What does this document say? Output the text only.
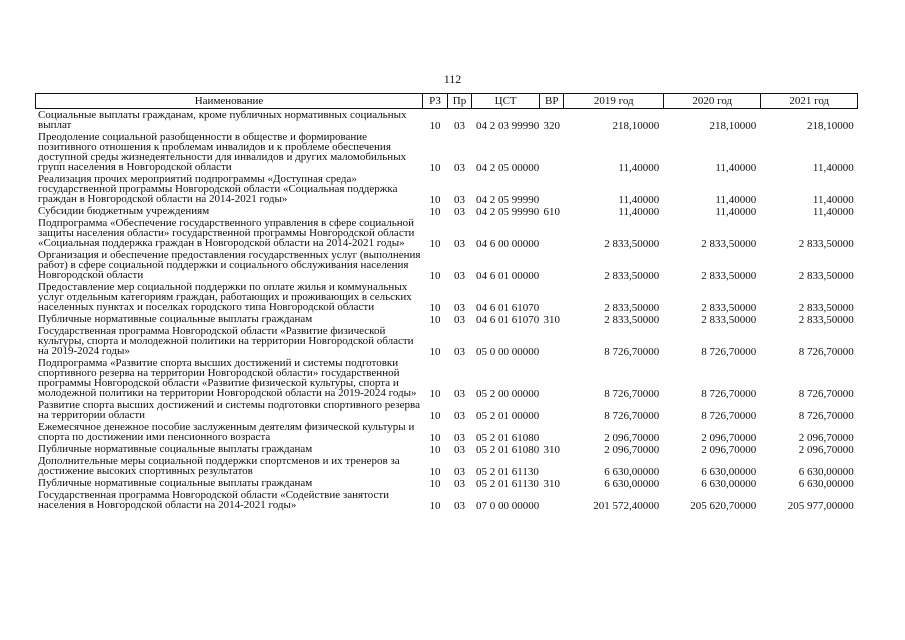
112
Наименование	РЗ	Пр	ЦСТ	ВР	2019 год	2020 год	2021 год
Социальные выплаты гражданам, кроме публичных нормативных социальных выплат	10	03	04 2 03 99990	320	218,10000	218,10000	218,10000
Преодоление социальной разобщенности в обществе и формирование позитивного отношения к проблемам инвалидов и к проблеме обеспечения доступной среды жизнедеятельности для инвалидов и других маломобильных групп населения в Новгородской области	10	03	04 2 05 00000		11,40000	11,40000	11,40000
Реализация прочих мероприятий подпрограммы «Доступная среда» государственной программы Новгородской области «Социальная поддержка граждан в Новгородской области на 2014-2021 годы»	10	03	04 2 05 99990		11,40000	11,40000	11,40000
Субсидии бюджетным учреждениям	10	03	04 2 05 99990	610	11,40000	11,40000	11,40000
Подпрограмма «Обеспечение государственного управления в сфере социальной защиты населения области» государственной программы Новгородской области «Социальная поддержка граждан в Новгородской области на 2014-2021 годы»	10	03	04 6 00 00000		2 833,50000	2 833,50000	2 833,50000
Организация и обеспечение предоставления государственных услуг (выполнения работ) в сфере социальной поддержки и социального обслуживания населения Новгородской области	10	03	04 6 01 00000		2 833,50000	2 833,50000	2 833,50000
Предоставление мер социальной поддержки по оплате жилья и коммунальных услуг отдельным категориям граждан, работающих и проживающих в сельских населенных пунктах и поселках городского типа Новгородской области	10	03	04 6 01 61070		2 833,50000	2 833,50000	2 833,50000
Публичные нормативные социальные выплаты гражданам	10	03	04 6 01 61070	310	2 833,50000	2 833,50000	2 833,50000
Государственная программа Новгородской области «Развитие физической культуры, спорта и молодежной политики на территории Новгородской области на 2019-2024 годы»	10	03	05 0 00 00000		8 726,70000	8 726,70000	8 726,70000
Подпрограмма «Развитие спорта высших достижений и системы подготовки спортивного резерва на территории Новгородской области» государственной программы Новгородской области «Развитие физической культуры, спорта и молодежной политики на территории Новгородской области на 2019-2024 годы»	10	03	05 2 00 00000		8 726,70000	8 726,70000	8 726,70000
Развитие спорта высших достижений и системы подготовки спортивного резерва на территории области	10	03	05 2 01 00000		8 726,70000	8 726,70000	8 726,70000
Ежемесячное денежное пособие заслуженным деятелям физической культуры и спорта по достижении ими пенсионного возраста	10	03	05 2 01 61080		2 096,70000	2 096,70000	2 096,70000
Публичные нормативные социальные выплаты гражданам	10	03	05 2 01 61080	310	2 096,70000	2 096,70000	2 096,70000
Дополнительные меры социальной поддержки спортсменов и их тренеров за достижение высоких спортивных результатов	10	03	05 2 01 61130		6 630,00000	6 630,00000	6 630,00000
Публичные нормативные социальные выплаты гражданам	10	03	05 2 01 61130	310	6 630,00000	6 630,00000	6 630,00000
Государственная программа Новгородской области «Содействие занятости населения в Новгородской области на 2014-2021 годы»	10	03	07 0 00 00000		201 572,40000	205 620,70000	205 977,00000
